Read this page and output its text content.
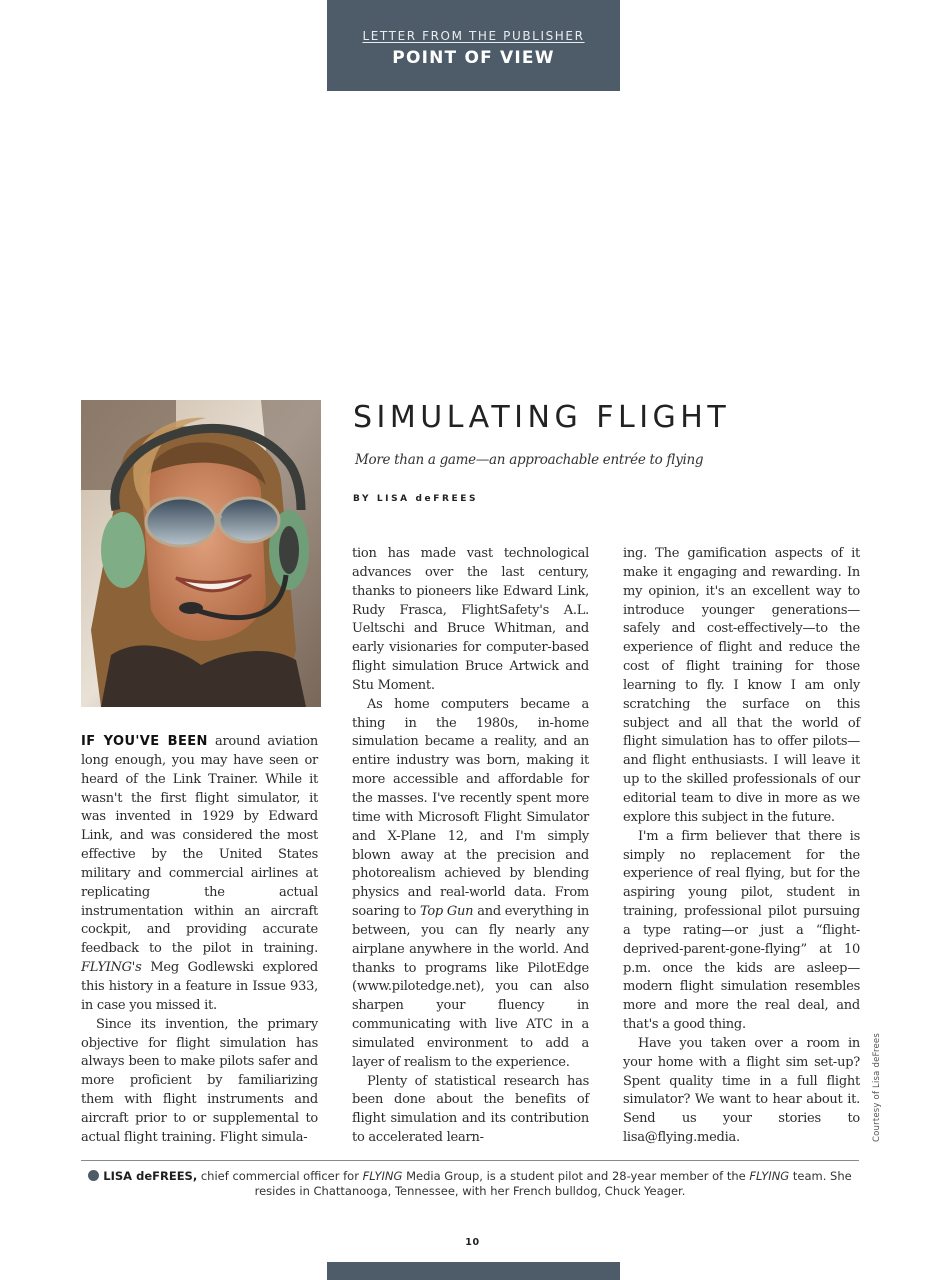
LETTER FROM THE PUBLISHER
POINT OF VIEW
SIMULATING FLIGHT
More than a game—an approachable entrée to flying
BY LISA deFREES

IF YOU'VE BEEN around aviation long enough, you may have seen or heard of the Link Trainer. While it wasn't the first flight simulator, it was invented in 1929 by Edward Link, and was considered the most effective by the United States military and commercial airlines at replicating the actual instrumentation within an aircraft cockpit, and providing accurate feedback to the pilot in training. FLYING's Meg Godlewski explored this history in a feature in Issue 933, in case you missed it.

Since its invention, the primary objective for flight simulation has always been to make pilots safer and more proficient by familiarizing them with flight instruments and aircraft prior to or supplemental to actual flight training. Flight simula-

tion has made vast technological advances over the last century, thanks to pioneers like Edward Link, Rudy Frasca, FlightSafety's A.L. Ueltschi and Bruce Whitman, and early visionaries for computer-based flight simulation Bruce Artwick and Stu Moment.

As home computers became a thing in the 1980s, in-home simulation became a reality, and an entire industry was born, making it more accessible and affordable for the masses. I've recently spent more time with Microsoft Flight Simulator and X-Plane 12, and I'm simply blown away at the precision and photorealism achieved by blending physics and real-world data. From soaring to Top Gun and everything in between, you can fly nearly any airplane anywhere in the world. And thanks to programs like PilotEdge (www.pilotedge.net), you can also sharpen your fluency in communicating with live ATC in a simulated environment to add a layer of realism to the experience.

Plenty of statistical research has been done about the benefits of flight simulation and its contribution to accelerated learn-

ing. The gamification aspects of it make it engaging and rewarding. In my opinion, it's an excellent way to introduce younger generations—safely and cost-effectively—to the experience of flight and reduce the cost of flight training for those learning to fly. I know I am only scratching the surface on this subject and all that the world of flight simulation has to offer pilots—and flight enthusiasts. I will leave it up to the skilled professionals of our editorial team to dive in more as we explore this subject in the future.

I'm a firm believer that there is simply no replacement for the experience of real flying, but for the aspiring young pilot, student in training, professional pilot pursuing a type rating—or just a “flight-deprived-parent-gone-flying” at 10 p.m. once the kids are asleep—modern flight simulation resembles more and more the real deal, and that's a good thing.

Have you taken over a room in your home with a flight sim set-up? Spent quality time in a full flight simulator? We want to hear about it. Send us your stories to lisa@flying.media.	Courtesy of Lisa deFrees
LISA deFREES, chief commercial officer for FLYING Media Group, is a student pilot and 28-year member of the FLYING team. She resides in Chattanooga, Tennessee, with her French bulldog, Chuck Yeager.
10
